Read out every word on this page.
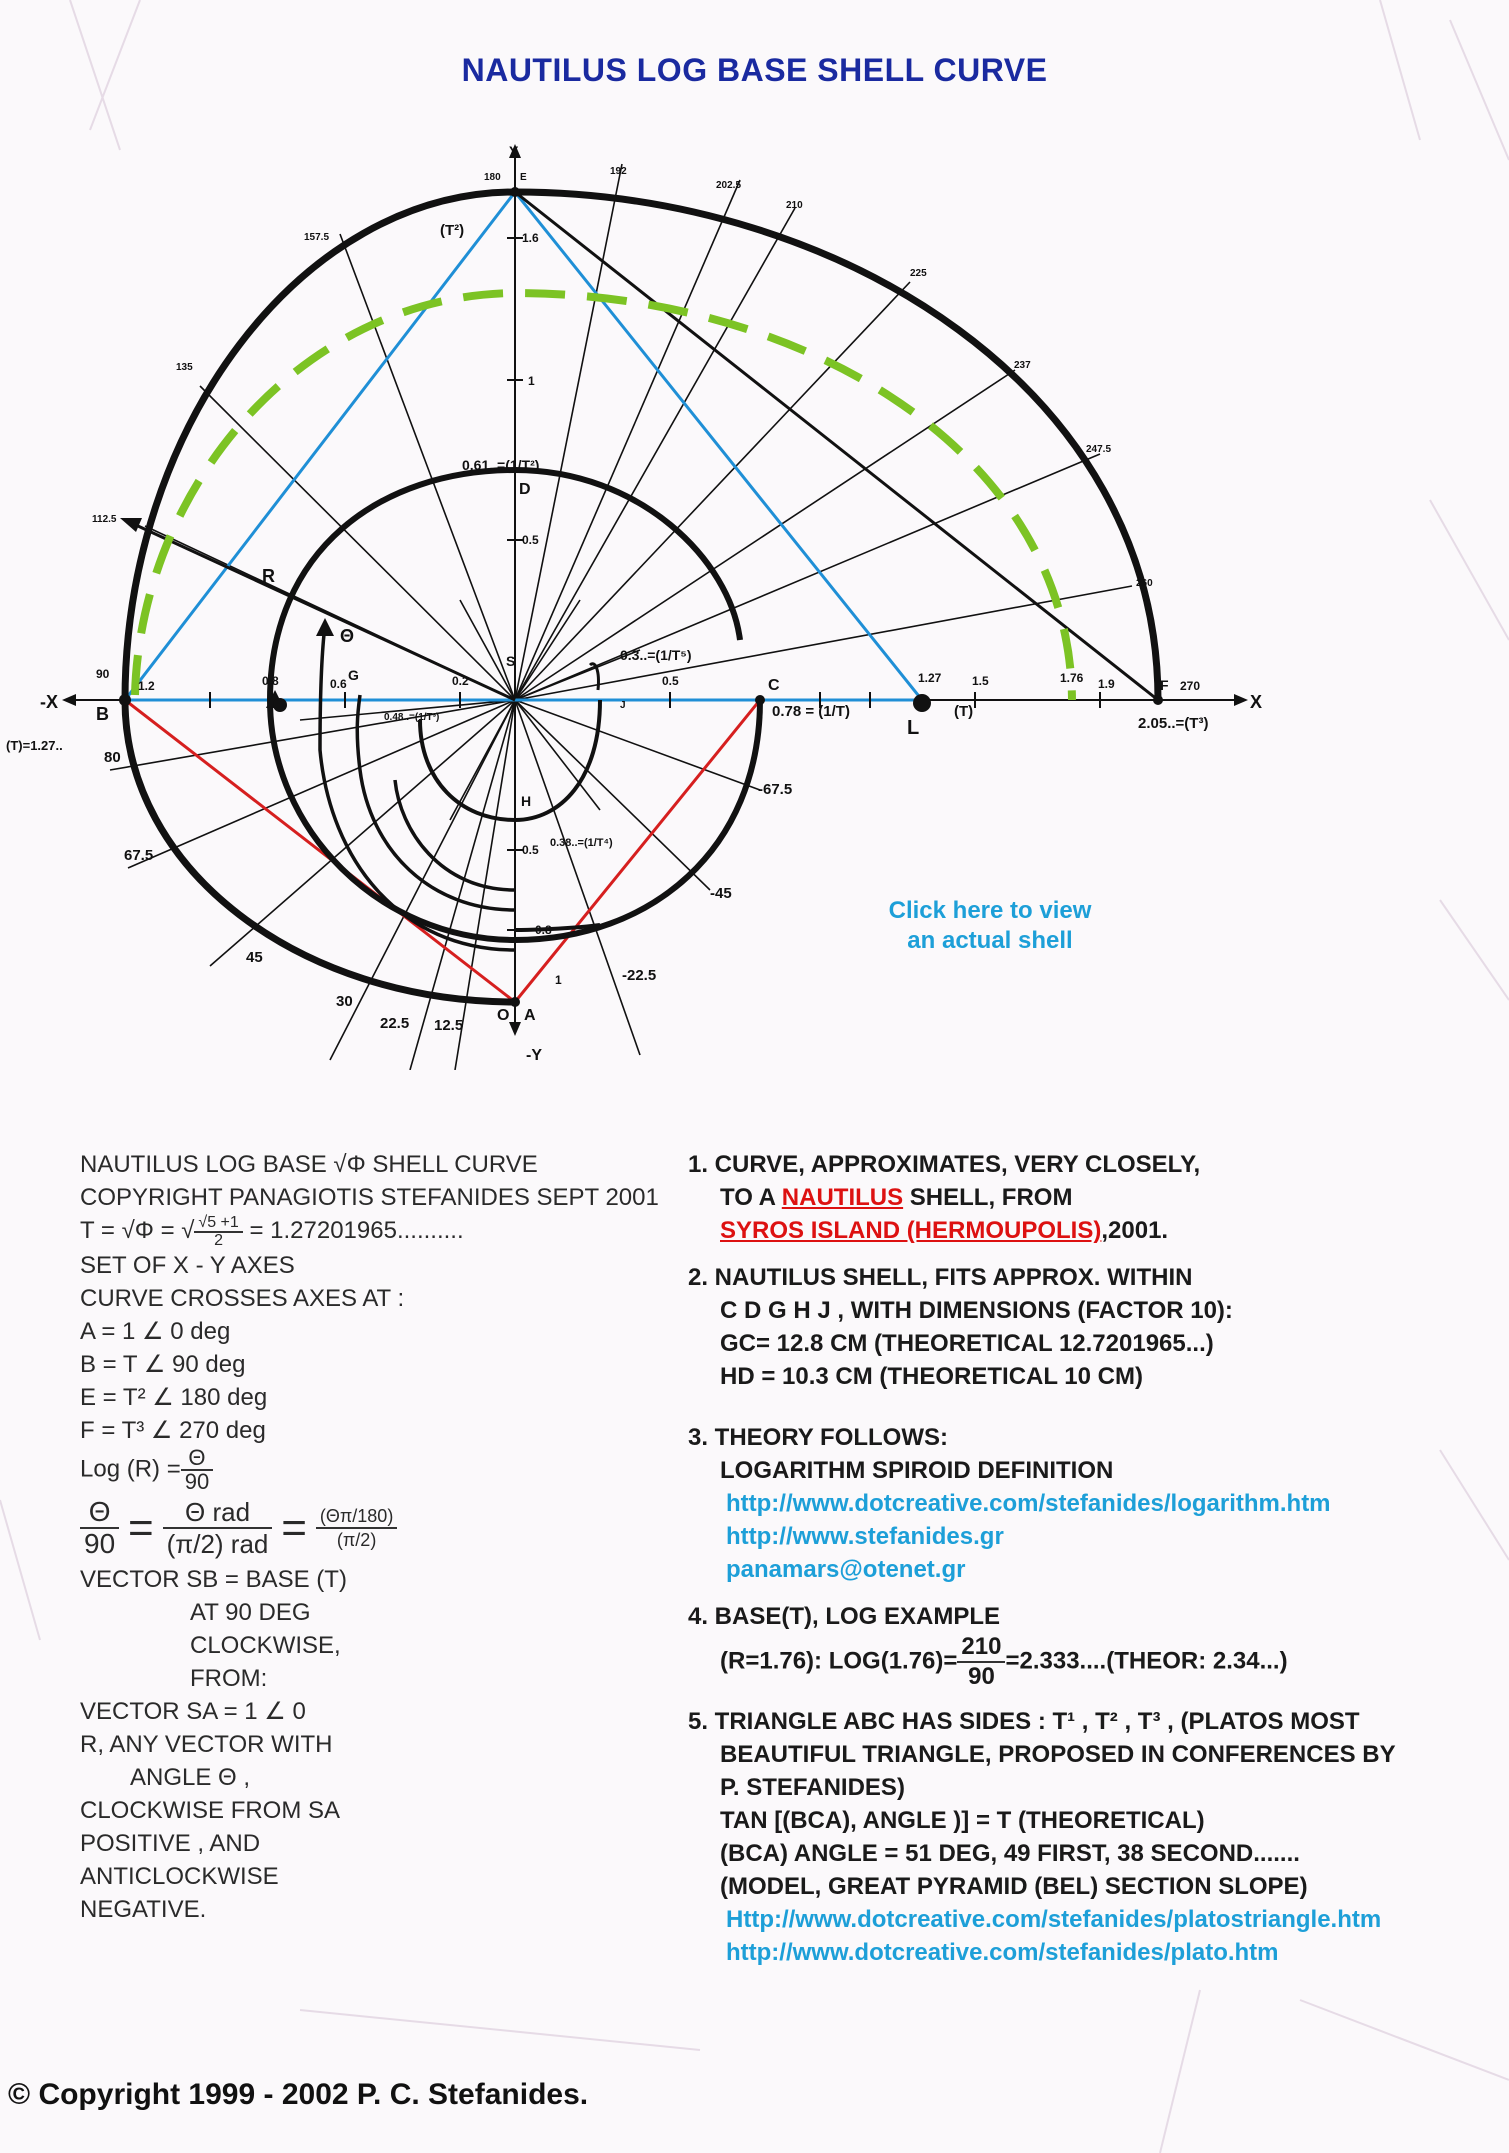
NAUTILUS LOG BASE SHELL CURVE
Y
-Y
X
-X
E
D
S
C
B
A
O
F
G
H
J
L
R
Θ
(T²)
(T)
(T)=1.27..
2.05..=(T³)
0.78 = (1/T)
0.61..=(1/T²)
0.3..=(1/T⁵)
0.38..=(1/T⁴)
0.48..=(1/T³)
1.2	0.8	0.6	0.2	0.5	1.27	1.5	1.76 1.9	270
90
1.6
1
0.5
0.5
0.8
1
180
192
202.5
210
225
237
247.5
260
157.5
135
112.5
80
67.5
45
30
22.5 12.5
-67.5
-45
-22.5
Click here to view
an actual shell
NAUTILUS LOG BASE √Φ SHELL CURVE
COPYRIGHT PANAGIOTIS STEFANIDES SEPT 2001
T = √Φ = √ $\frac{√5 +1}{2} = 1.27201965$..........
SET OF X - Y AXES
CURVE CROSSES AXES AT :
A = 1 ∠ 0 deg
B = T ∠ 90 deg
E = T² ∠ 180 deg
F = T³ ∠ 270 deg
Log $(R) = \frac{\Theta}{90}$
$\frac{\Theta}{90} = \frac{\text{Θ rad}}{\text{(π/2) rad}} = \frac{(\Theta\pi/180)}{(\pi/2)}$
VECTOR SB = BASE (T)
AT 90 DEG
CLOCKWISE,
FROM:
VECTOR SA = 1 ∠ 0
R, ANY VECTOR WITH
ANGLE Θ ,
CLOCKWISE FROM SA
POSITIVE , AND
ANTICLOCKWISE
NEGATIVE.
1. CURVE, APPROXIMATES, VERY CLOSELY,
TO A NAUTILUS SHELL, FROM
SYROS ISLAND (HERMOUPOLIS),2001.
2. NAUTILUS SHELL, FITS APPROX. WITHIN
C D G H J , WITH DIMENSIONS (FACTOR 10):
GC= 12.8 CM (THEORETICAL 12.7201965...)
HD = 10.3 CM (THEORETICAL 10 CM)
3. THEORY FOLLOWS:
LOGARITHM SPIROID DEFINITION
http://www.dotcreative.com/stefanides/logarithm.htm
http://www.stefanides.gr
panamars@otenet.gr
4. BASE(T), LOG EXAMPLE
(R=1.76): $LOG(1.76)= \frac{210}{90}$ =2.333....(THEOR: 2.34...)
5. TRIANGLE ABC HAS SIDES : T¹ , T² , T³ , (PLATOS MOST
BEAUTIFUL TRIANGLE, PROPOSED IN CONFERENCES BY
P. STEFANIDES)
TAN [(BCA), ANGLE )] = T (THEORETICAL)
(BCA) ANGLE = 51 DEG, 49 FIRST, 38 SECOND.......
(MODEL, GREAT PYRAMID (BEL) SECTION SLOPE)
Http://www.dotcreative.com/stefanides/platostriangle.htm
http://www.dotcreative.com/stefanides/plato.htm
© Copyright 1999 - 2002 P. C. Stefanides.
